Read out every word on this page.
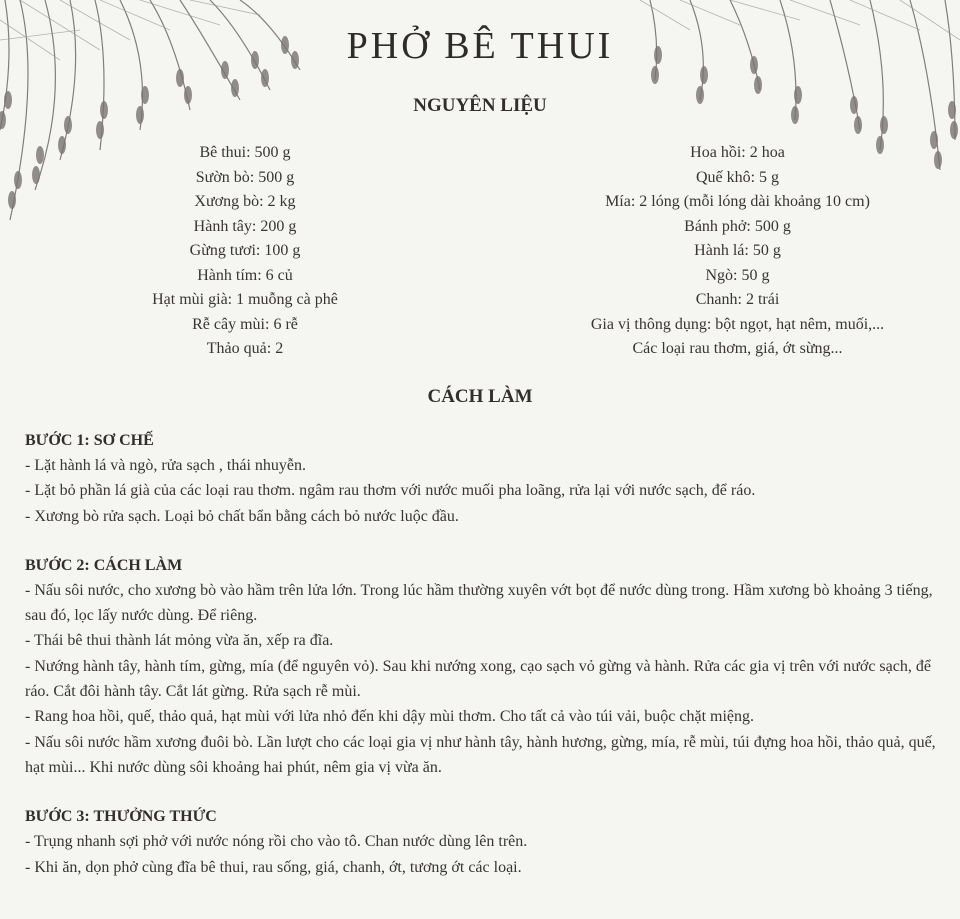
PHỞ BÊ THUI
NGUYÊN LIỆU
Bê thui: 500 g
Sườn bò: 500 g
Xương bò: 2 kg
Hành tây: 200 g
Gừng tươi: 100 g
Hành tím: 6 củ
Hạt mùi già: 1 muỗng cà phê
Rễ cây mùi: 6 rễ
Thảo quả: 2
Hoa hồi: 2 hoa
Quế khô: 5 g
Mía: 2 lóng (mỗi lóng dài khoảng 10 cm)
Bánh phở: 500 g
Hành lá: 50 g
Ngò: 50 g
Chanh: 2 trái
Gia vị thông dụng: bột ngọt, hạt nêm, muối,...
Các loại rau thơm, giá, ớt sừng...
CÁCH LÀM

BƯỚC 1: SƠ CHẾ

- Lặt hành lá và ngò, rửa sạch , thái nhuyễn.
- Lặt bỏ phần lá già của các loại rau thơm. ngâm rau thơm với nước muối pha loãng, rửa lại với nước sạch, để ráo.
- Xương bò rửa sạch. Loại bỏ chất bẩn bằng cách bỏ nước luộc đầu.

BƯỚC 2: CÁCH LÀM

- Nấu sôi nước, cho xương bò vào hầm trên lửa lớn. Trong lúc hầm thường xuyên vớt bọt để nước dùng trong. Hầm xương bò khoảng 3 tiếng, sau đó, lọc lấy nước dùng. Để riêng.
- Thái bê thui thành lát mỏng vừa ăn, xếp ra đĩa.
- Nướng hành tây, hành tím, gừng, mía (để nguyên vỏ). Sau khi nướng xong, cạo sạch vỏ gừng và hành. Rửa các gia vị trên với nước sạch, để ráo. Cắt đôi hành tây. Cắt lát gừng. Rửa sạch rễ mùi.
- Rang hoa hồi, quế, thảo quả, hạt mùi với lửa nhỏ đến khi dậy mùi thơm. Cho tất cả vào túi vải, buộc chặt miệng.
- Nấu sôi nước hầm xương đuôi bò. Lần lượt cho các loại gia vị như hành tây, hành hương, gừng, mía, rễ mùi, túi đựng hoa hồi, thảo quả, quế, hạt mùi... Khi nước dùng sôi khoảng hai phút, nêm gia vị vừa ăn.

BƯỚC 3: THƯỞNG THỨC

- Trụng nhanh sợi phở với nước nóng rồi cho vào tô. Chan nước dùng lên trên.
- Khi ăn, dọn phở cùng đĩa bê thui, rau sống, giá, chanh, ớt, tương ớt các loại.
